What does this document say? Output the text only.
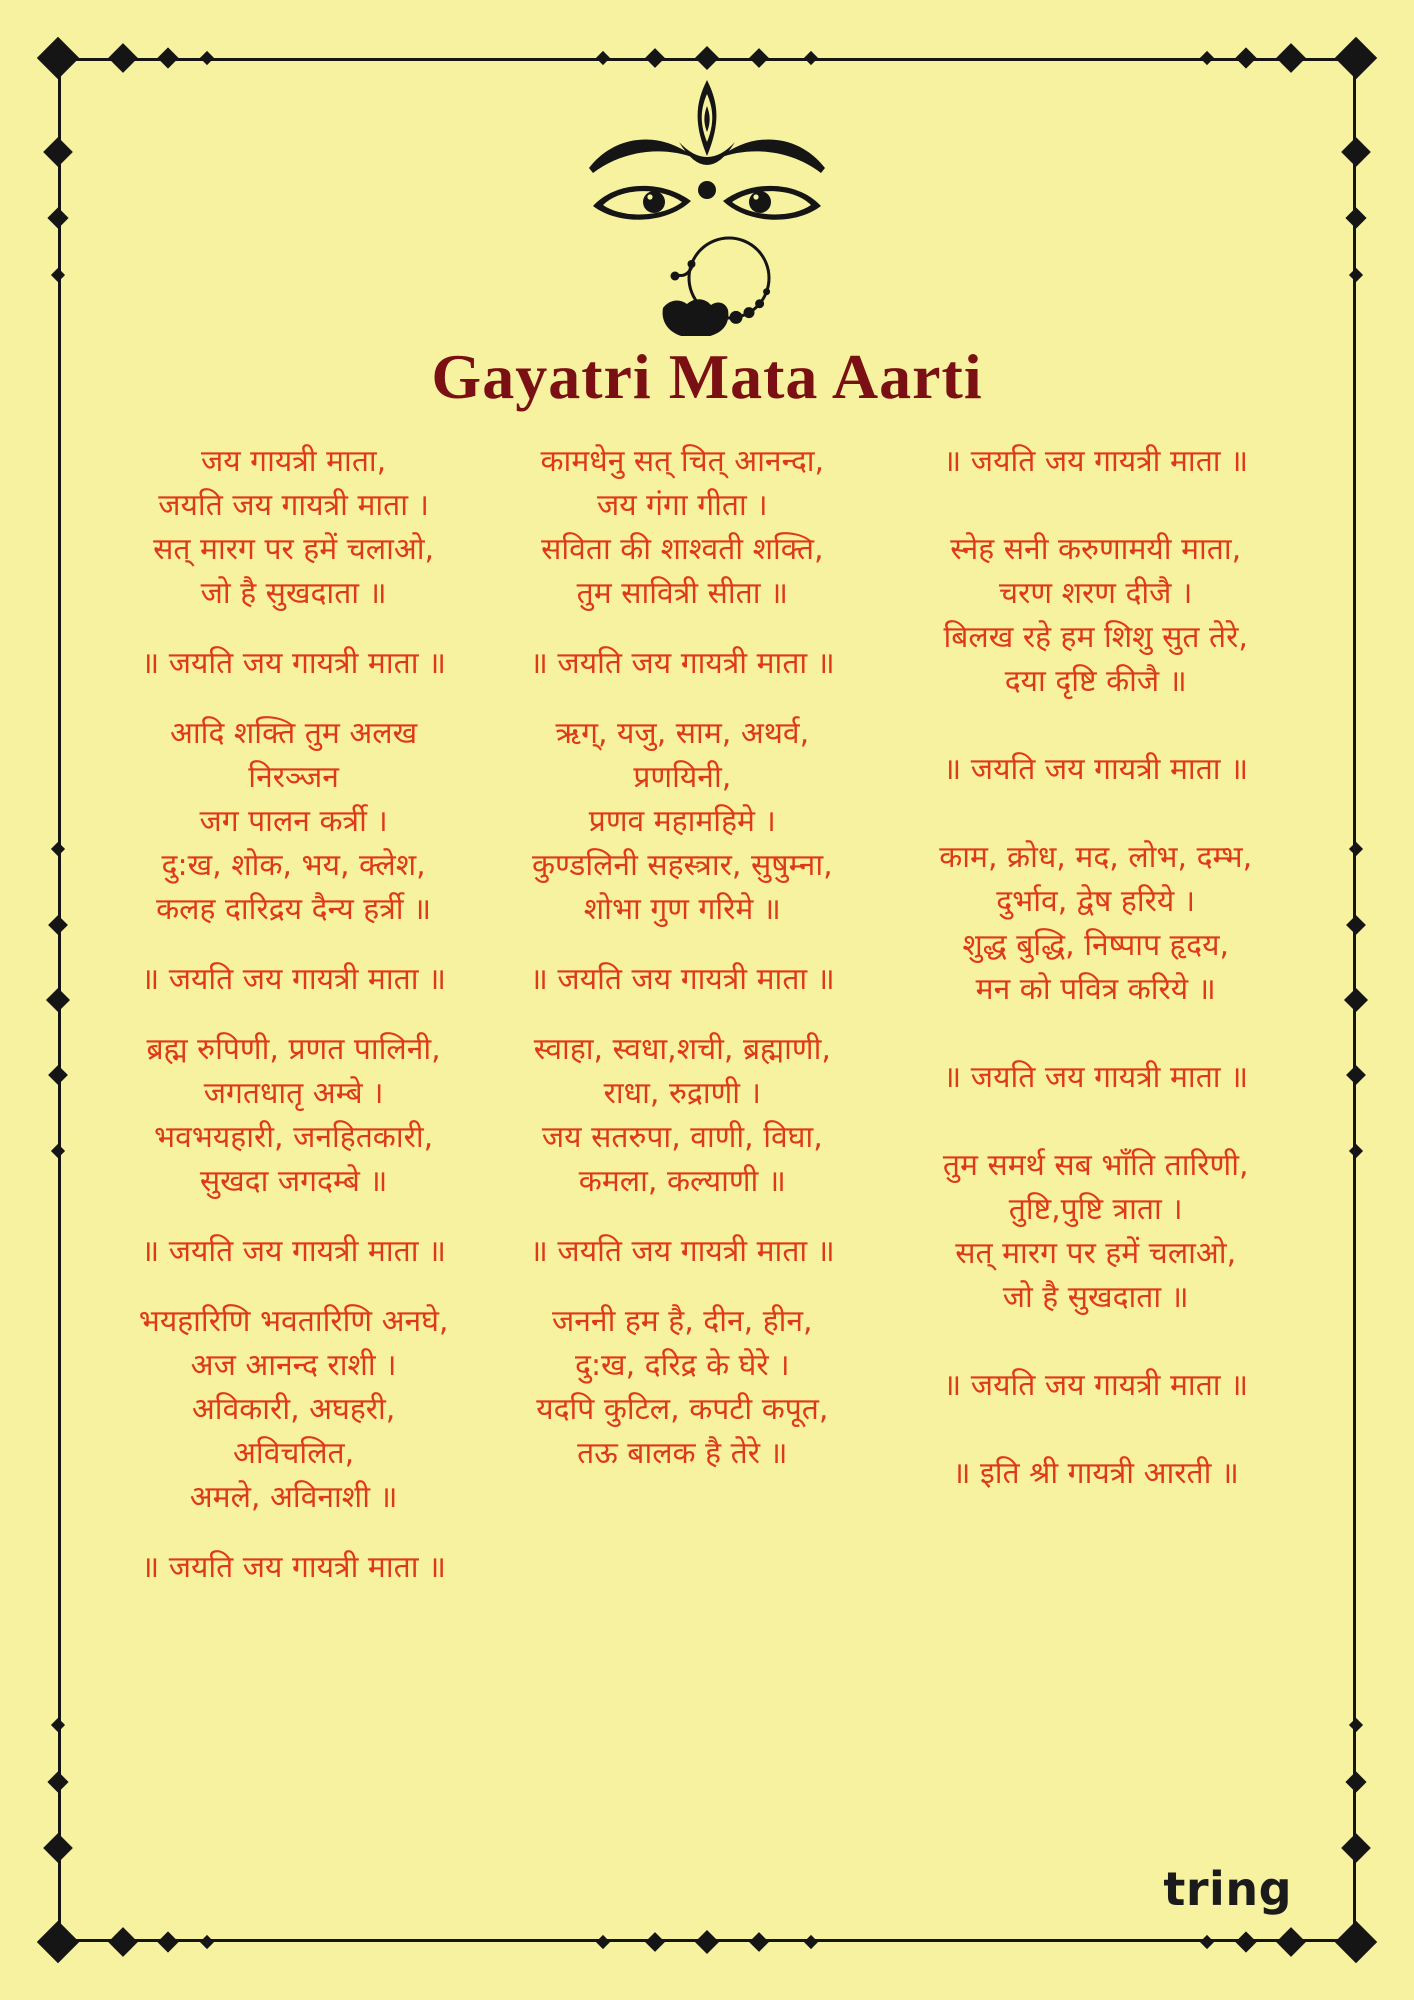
Gayatri Mata Aarti
जय गायत्री माता,
जयति जय गायत्री माता ।
सत् मारग पर हमें चलाओ,
जो है सुखदाता ॥
॥ जयति जय गायत्री माता ॥
आदि शक्ति तुम अलख
निरञ्जन
जग पालन कर्त्री ।
दु:ख, शोक, भय, क्लेश,
कलह दारिद्रय दैन्य हर्त्री ॥
॥ जयति जय गायत्री माता ॥
ब्रह्म रुपिणी, प्रणत पालिनी,
जगतधातृ अम्बे ।
भवभयहारी, जनहितकारी,
सुखदा जगदम्बे ॥
॥ जयति जय गायत्री माता ॥
भयहारिणि भवतारिणि अनघे,
अज आनन्द राशी ।
अविकारी, अघहरी,
अविचलित,
अमले, अविनाशी ॥
॥ जयति जय गायत्री माता ॥
कामधेनु सत् चित् आनन्दा,
जय गंगा गीता ।
सविता की शाश्वती शक्ति,
तुम सावित्री सीता ॥
॥ जयति जय गायत्री माता ॥
ऋग्, यजु, साम, अथर्व,
प्रणयिनी,
प्रणव महामहिमे ।
कुण्डलिनी सहस्त्रार, सुषुम्ना,
शोभा गुण गरिमे ॥
॥ जयति जय गायत्री माता ॥
स्वाहा, स्वधा,शची, ब्रह्माणी,
राधा, रुद्राणी ।
जय सतरुपा, वाणी, विघा,
कमला, कल्याणी ॥
॥ जयति जय गायत्री माता ॥
जननी हम है, दीन, हीन,
दु:ख, दरिद्र के घेरे ।
यदपि कुटिल, कपटी कपूत,
तऊ बालक है तेरे ॥
॥ जयति जय गायत्री माता ॥
स्नेह सनी करुणामयी माता,
चरण शरण दीजै ।
बिलख रहे हम शिशु सुत तेरे,
दया दृष्टि कीजै ॥
॥ जयति जय गायत्री माता ॥
काम, क्रोध, मद, लोभ, दम्भ,
दुर्भाव, द्वेष हरिये ।
शुद्ध बुद्धि, निष्पाप हृदय,
मन को पवित्र करिये ॥
॥ जयति जय गायत्री माता ॥
तुम समर्थ सब भाँति तारिणी,
तुष्टि,पुष्टि त्राता ।
सत् मारग पर हमें चलाओ,
जो है सुखदाता ॥
॥ जयति जय गायत्री माता ॥
॥ इति श्री गायत्री आरती ॥
tring
